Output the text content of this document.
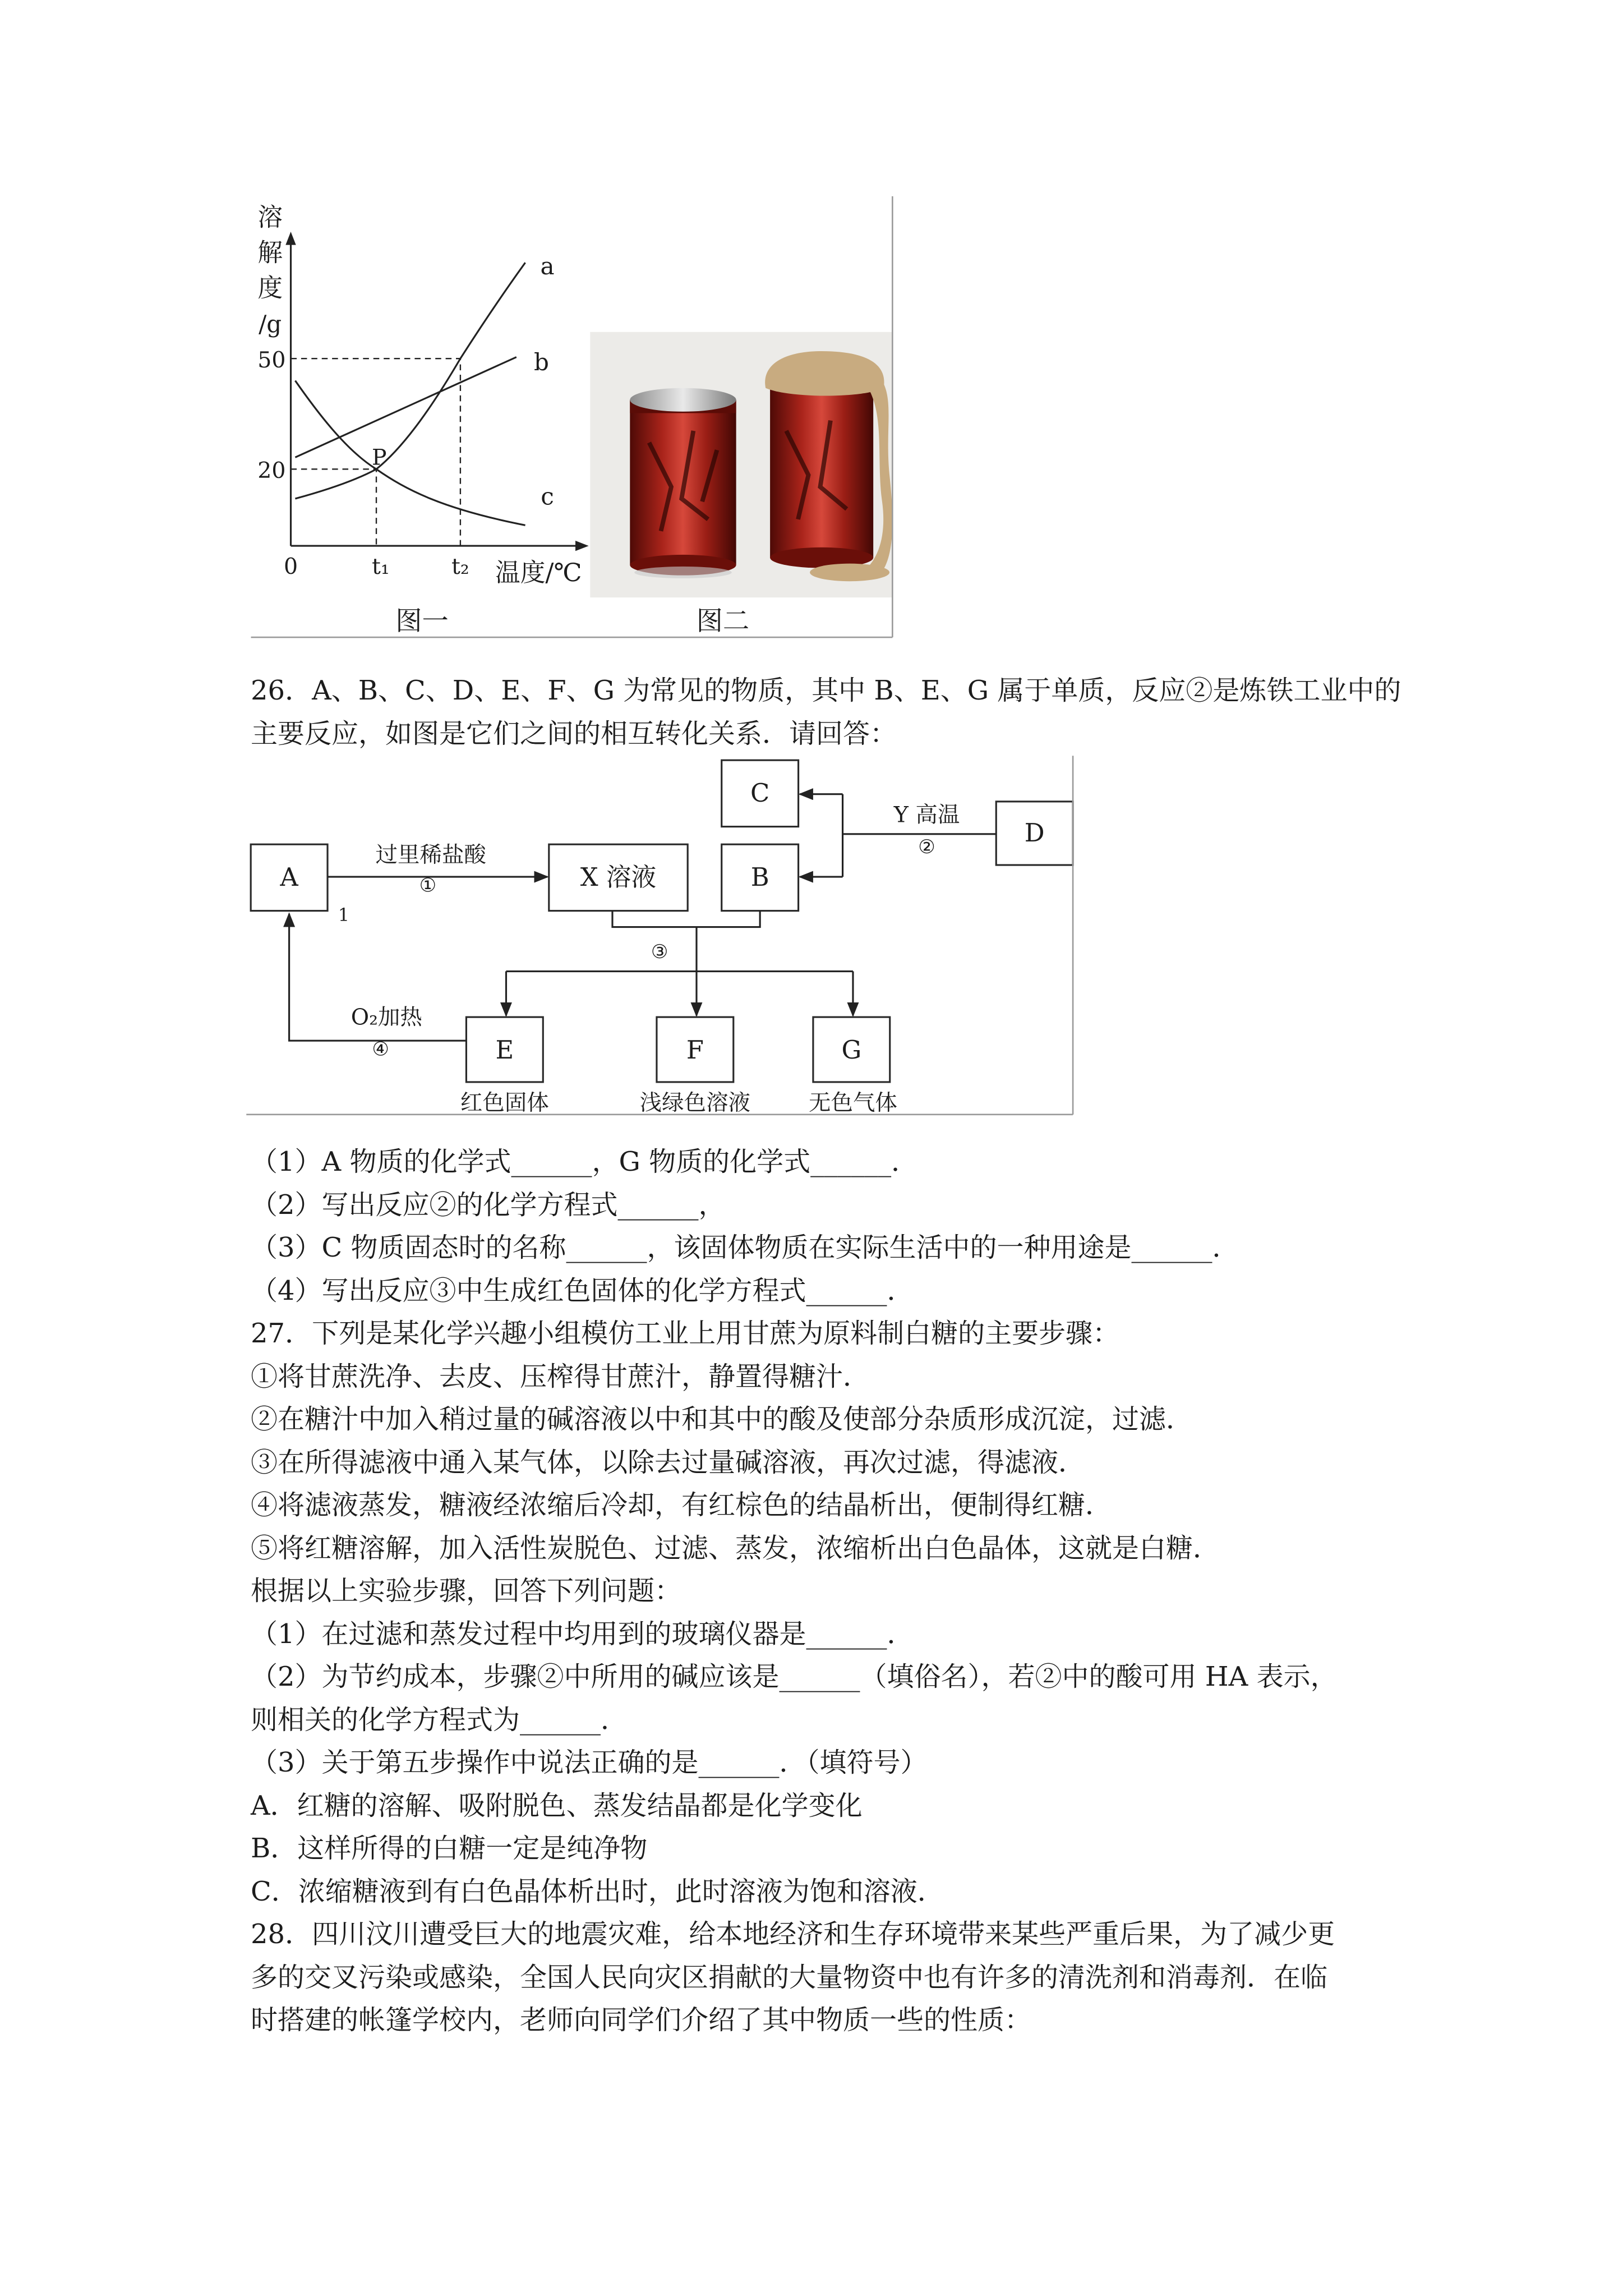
溶
解
度
/g
50
20
0	t₁	t₂	温度/℃
a
b
c
P
图一	图二
26．A、B、C、D、E、F、G 为常见的物质，其中 B、E、G 属于单质，反应②是炼铁工业中的
主要反应，如图是它们之间的相互转化关系．请回答：
A	X 溶液	B
C
D
E	F	G
过里稀盐酸
①
1
Y 高温
②
③
O₂加热
④
红色固体	浅绿色溶液	无色气体
（1）A 物质的化学式______，G 物质的化学式______．
（2）写出反应②的化学方程式______，
（3）C 物质固态时的名称______，该固体物质在实际生活中的一种用途是______．
（4）写出反应③中生成红色固体的化学方程式______．
27．下列是某化学兴趣小组模仿工业上用甘蔗为原料制白糖的主要步骤：
①将甘蔗洗净、去皮、压榨得甘蔗汁，静置得糖汁．
②在糖汁中加入稍过量的碱溶液以中和其中的酸及使部分杂质形成沉淀，过滤．
③在所得滤液中通入某气体，以除去过量碱溶液，再次过滤，得滤液．
④将滤液蒸发，糖液经浓缩后冷却，有红棕色的结晶析出，便制得红糖．
⑤将红糖溶解，加入活性炭脱色、过滤、蒸发，浓缩析出白色晶体，这就是白糖．
根据以上实验步骤，回答下列问题：
（1）在过滤和蒸发过程中均用到的玻璃仪器是______．
（2）为节约成本，步骤②中所用的碱应该是______（填俗名），若②中的酸可用 HA 表示，
则相关的化学方程式为______．
（3）关于第五步操作中说法正确的是______．（填符号）
A．红糖的溶解、吸附脱色、蒸发结晶都是化学变化
B．这样所得的白糖一定是纯净物
C．浓缩糖液到有白色晶体析出时，此时溶液为饱和溶液．
28．四川汶川遭受巨大的地震灾难，给本地经济和生存环境带来某些严重后果，为了减少更
多的交叉污染或感染，全国人民向灾区捐献的大量物资中也有许多的清洗剂和消毒剂．在临
时搭建的帐篷学校内，老师向同学们介绍了其中物质一些的性质：
